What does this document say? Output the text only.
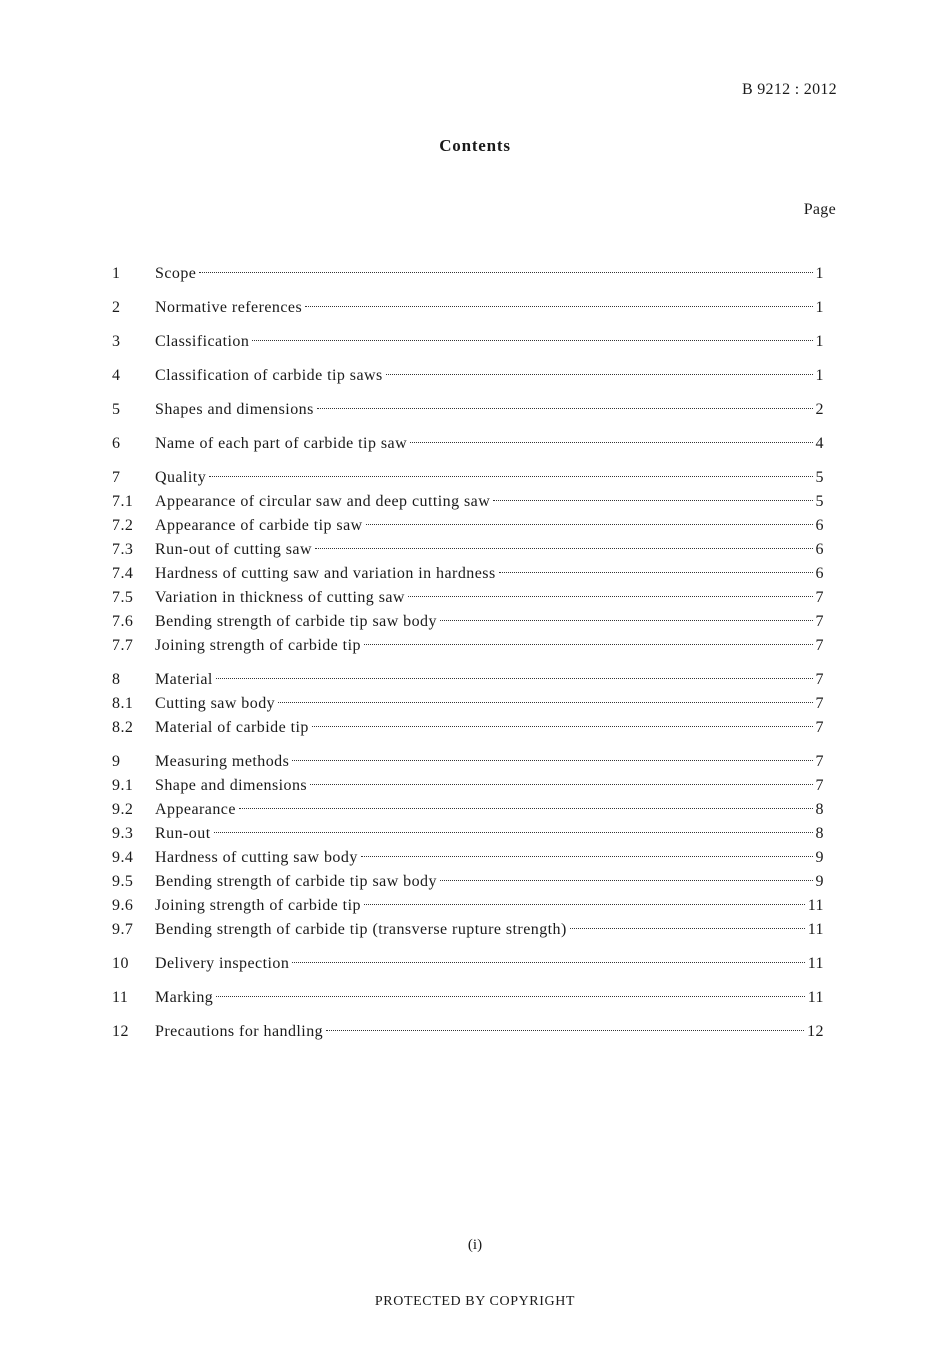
B 9212 : 2012
Contents
Page
1	Scope	1
2	Normative references	1
3	Classification	1
4	Classification of carbide tip saws	1
5	Shapes and dimensions	2
6	Name of each part of carbide tip saw	4
7	Quality	5
7.1	Appearance of circular saw and deep cutting saw	5
7.2	Appearance of carbide tip saw	6
7.3	Run-out of cutting saw	6
7.4	Hardness of cutting saw and variation in hardness	6
7.5	Variation in thickness of cutting saw	7
7.6	Bending strength of carbide tip saw body	7
7.7	Joining strength of carbide tip	7
8	Material	7
8.1	Cutting saw body	7
8.2	Material of carbide tip	7
9	Measuring methods	7
9.1	Shape and dimensions	7
9.2	Appearance	8
9.3	Run-out	8
9.4	Hardness of cutting saw body	9
9.5	Bending strength of carbide tip saw body	9
9.6	Joining strength of carbide tip	11
9.7	Bending strength of carbide tip (transverse rupture strength)	11
10	Delivery inspection	11
11	Marking	11
12	Precautions for handling	12
(i)
PROTECTED BY COPYRIGHT
